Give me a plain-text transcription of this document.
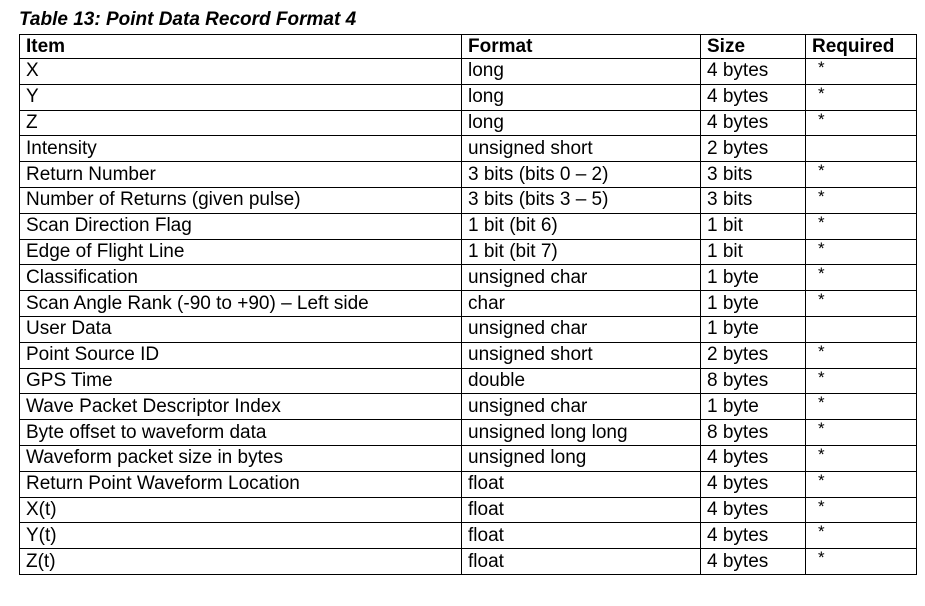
Table 13: Point Data Record Format 4
Item	Format	Size	Required
X	long	4 bytes	*
Y	long	4 bytes	*
Z	long	4 bytes	*
Intensity	unsigned short	2 bytes	
Return Number	3 bits (bits 0 – 2)	3 bits	*
Number of Returns (given pulse)	3 bits (bits 3 – 5)	3 bits	*
Scan Direction Flag	1 bit (bit 6)	1 bit	*
Edge of Flight Line	1 bit (bit 7)	1 bit	*
Classification	unsigned char	1 byte	*
Scan Angle Rank (-90 to +90) – Left side	char	1 byte	*
User Data	unsigned char	1 byte	
Point Source ID	unsigned short	2 bytes	*
GPS Time	double	8 bytes	*
Wave Packet Descriptor Index	unsigned char	1 byte	*
Byte offset to waveform data	unsigned long long	8 bytes	*
Waveform packet size in bytes	unsigned long	4 bytes	*
Return Point Waveform Location	float	4 bytes	*
X(t)	float	4 bytes	*
Y(t)	float	4 bytes	*
Z(t)	float	4 bytes	*
